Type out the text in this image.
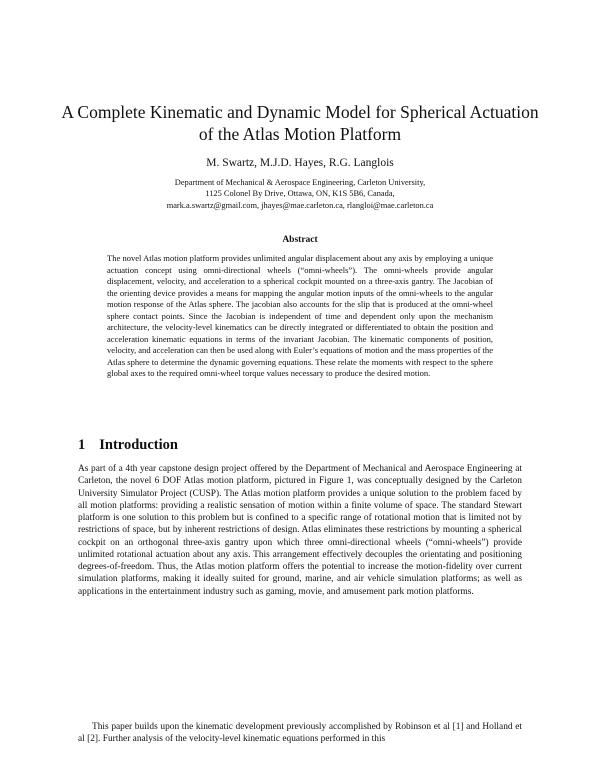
A Complete Kinematic and Dynamic Model for Spherical Actuation of the Atlas Motion Platform

M. Swartz, M.J.D. Hayes, R.G. Langlois

Department of Mechanical & Aerospace Engineering, Carleton University,
1125 Colonel By Drive, Ottawa, ON, K1S 5B6, Canada,
mark.a.swartz@gmail.com, jhayes@mae.carleton.ca, rlangloi@mae.carleton.ca
Abstract

The novel Atlas motion platform provides unlimited angular displacement about any axis by employing a unique actuation concept using omni-directional wheels (“omni-wheels”). The omni-wheels provide angular displacement, velocity, and acceleration to a spherical cockpit mounted on a three-axis gantry. The Jacobian of the orienting device provides a means for mapping the angular motion inputs of the omni-wheels to the angular motion response of the Atlas sphere. The jacobian also accounts for the slip that is produced at the omni-wheel sphere contact points. Since the Jacobian is independent of time and dependent only upon the mechanism architecture, the velocity-level kinematics can be directly integrated or differentiated to obtain the position and acceleration kinematic equations in terms of the invariant Jacobian. The kinematic components of position, velocity, and acceleration can then be used along with Euler’s equations of motion and the mass properties of the Atlas sphere to determine the dynamic governing equations. These relate the moments with respect to the sphere global axes to the required omni-wheel torque values necessary to produce the desired motion.

1 Introduction

As part of a 4th year capstone design project offered by the Department of Mechanical and Aerospace Engineering at Carleton, the novel 6 DOF Atlas motion platform, pictured in Figure 1, was conceptually designed by the Carleton University Simulator Project (CUSP). The Atlas motion platform provides a unique solution to the problem faced by all motion platforms: providing a realistic sensation of motion within a finite volume of space. The standard Stewart platform is one solution to this problem but is confined to a specific range of rotational motion that is limited not by restrictions of space, but by inherent restrictions of design. Atlas eliminates these restrictions by mounting a spherical cockpit on an orthogonal three-axis gantry upon which three omni-directional wheels (“omni-wheels”) provide unlimited rotational actuation about any axis. This arrangement effectively decouples the orientating and positioning degrees-of-freedom. Thus, the Atlas motion platform offers the potential to increase the motion-fidelity over current simulation platforms, making it ideally suited for ground, marine, and air vehicle simulation platforms; as well as applications in the entertainment industry such as gaming, movie, and amusement park motion platforms.

This paper builds upon the kinematic development previously accomplished by Robinson et al [1] and Holland et al [2]. Further analysis of the velocity-level kinematic equations performed in this
